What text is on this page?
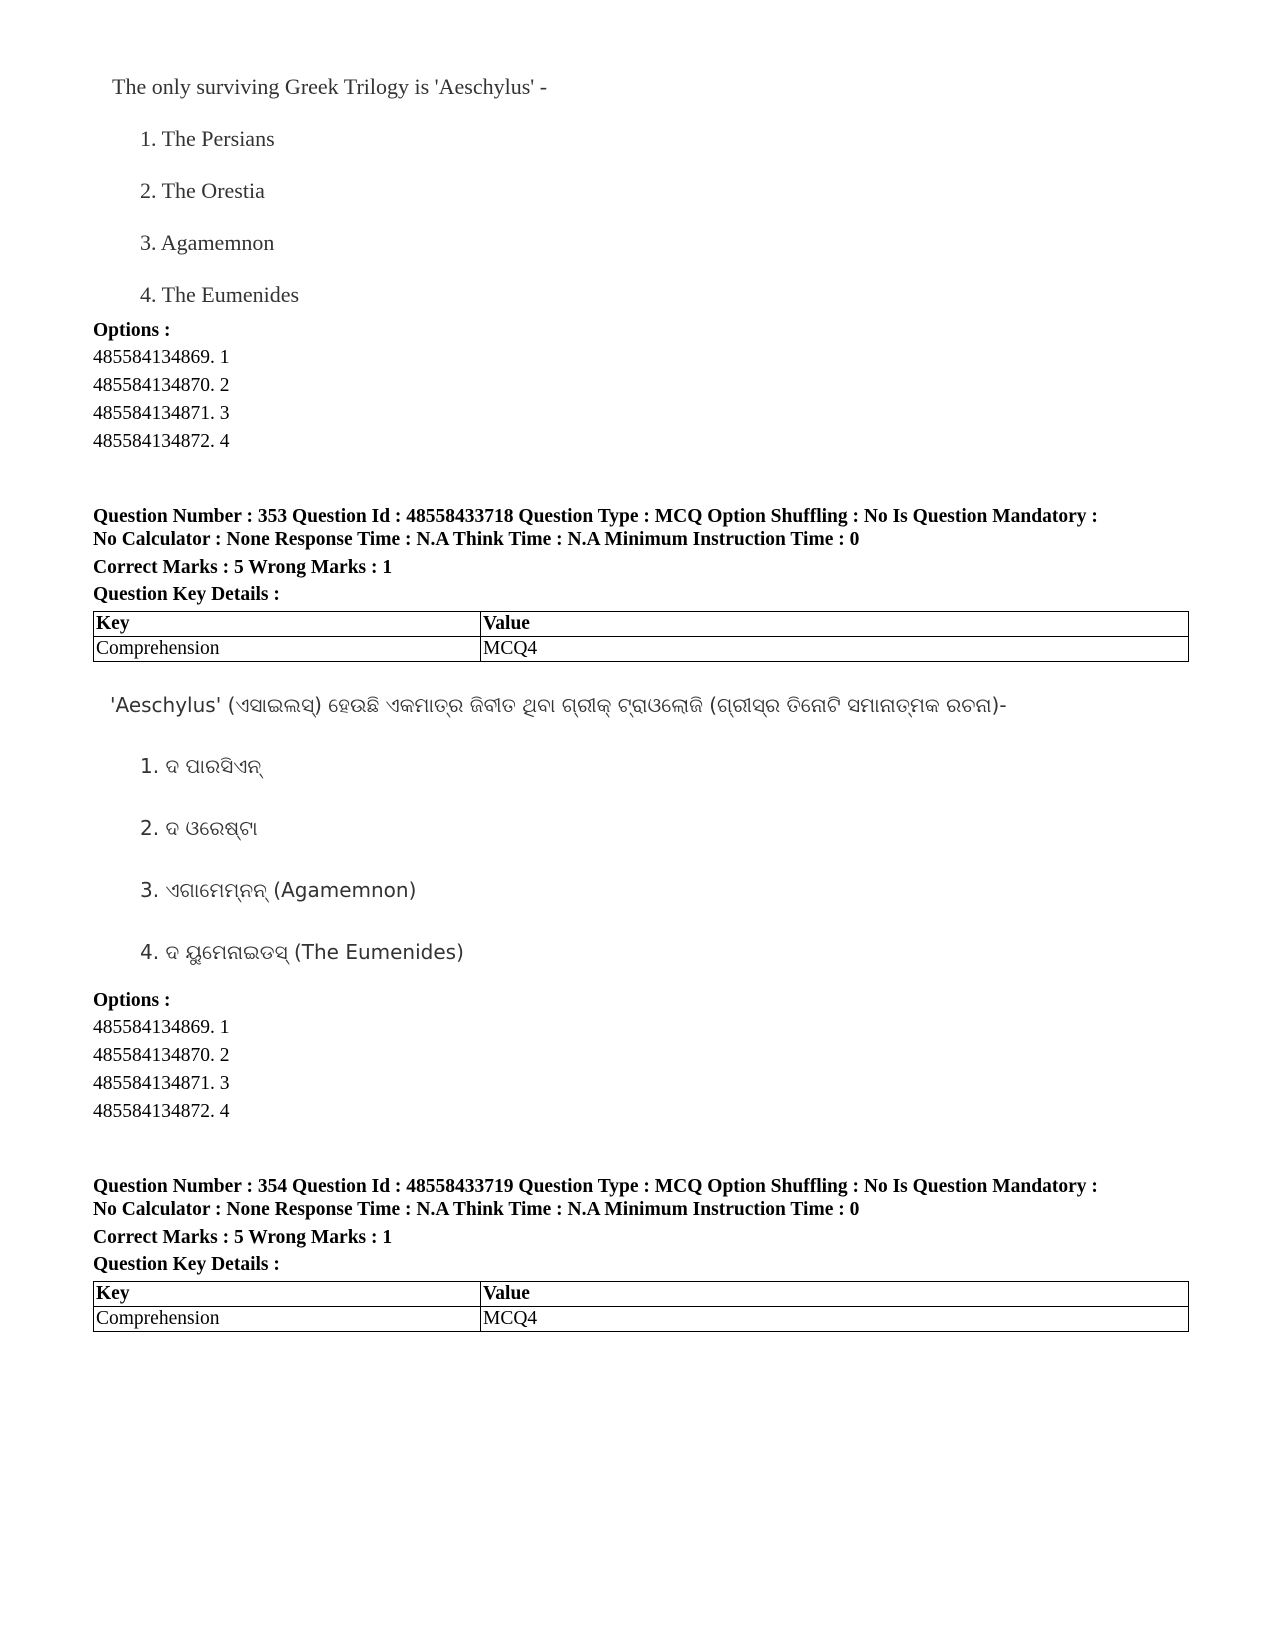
The only surviving Greek Trilogy is 'Aeschylus' -
1. The Persians
2. The Orestia
3. Agamemnon
4. The Eumenides
Options :
485584134869. 1
485584134870. 2
485584134871. 3
485584134872. 4
Question Number : 353 Question Id : 48558433718 Question Type : MCQ Option Shuffling : No Is Question Mandatory :
No Calculator : None Response Time : N.A Think Time : N.A Minimum Instruction Time : 0
Correct Marks : 5 Wrong Marks : 1
Question Key Details :
Key	Value
Comprehension	MCQ4
'Aeschylus' (ଏସାଇଲସ୍) ହେଉଛି ଏକମାତ୍ର ଜିବୀତ ଥିବା ଗ୍ରୀକ୍ ଟ୍ରାଓଲୋଜି (ଗ୍ରୀସ୍‌ର ତିନୋଟି ସମାନାତ୍ମକ ରଚନା)-
1. ଦ ପାରସିଏନ୍
2. ଦ ଓରେଷ୍ଟା
3. ଏଗାମେମ୍ନନ୍ (Agamemnon)
4. ଦ ୟୁମେନାଇଡସ୍ (The Eumenides)
Options :
485584134869. 1
485584134870. 2
485584134871. 3
485584134872. 4
Question Number : 354 Question Id : 48558433719 Question Type : MCQ Option Shuffling : No Is Question Mandatory :
No Calculator : None Response Time : N.A Think Time : N.A Minimum Instruction Time : 0
Correct Marks : 5 Wrong Marks : 1
Question Key Details :
Key	Value
Comprehension	MCQ4
